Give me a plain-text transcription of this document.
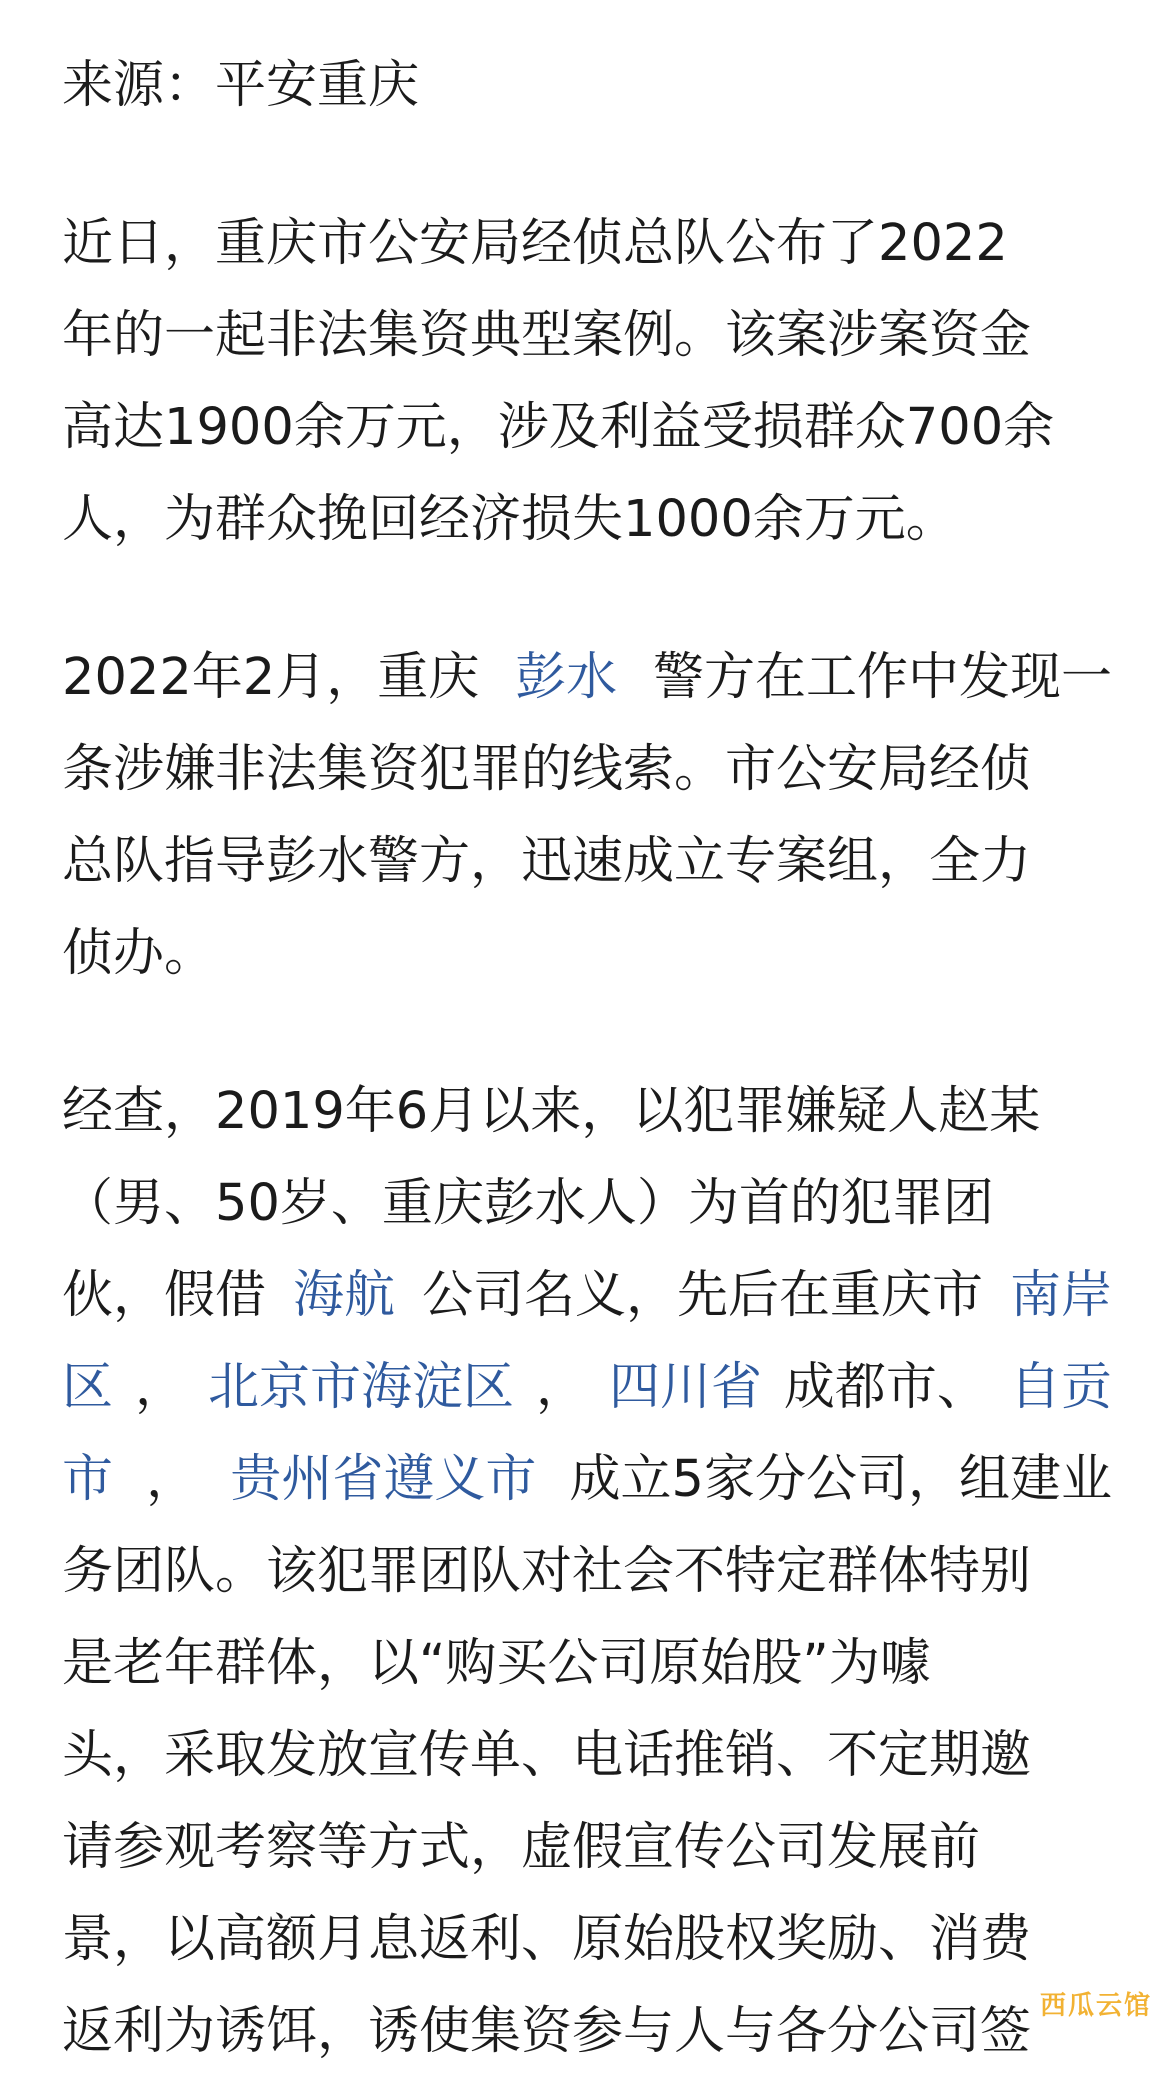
来源：平安重庆
近日，重庆市公安局经侦总队公布了2022
年的一起非法集资典型案例。该案涉案资金
高达1900余万元，涉及利益受损群众700余
人，为群众挽回经济损失1000余万元。
2022年2月，重庆 彭水 警方在工作中发现一
条涉嫌非法集资犯罪的线索。市公安局经侦
总队指导彭水警方，迅速成立专案组，全力
侦办。
经查，2019年6月以来，以犯罪嫌疑人赵某
（男、50岁、重庆彭水人）为首的犯罪团
伙，假借 海航 公司名义，先后在重庆市 南岸
区 ， 北京市海淀区 ， 四川省 成都市、 自贡
市 ， 贵州省遵义市 成立5家分公司，组建业
务团队。该犯罪团队对社会不特定群体特别
是老年群体，以“购买公司原始股”为噱
头，采取发放宣传单、电话推销、不定期邀
请参观考察等方式，虚假宣传公司发展前
景，以高额月息返利、原始股权奖励、消费
返利为诱饵，诱使集资参与人与各分公司签 西瓜云馆
